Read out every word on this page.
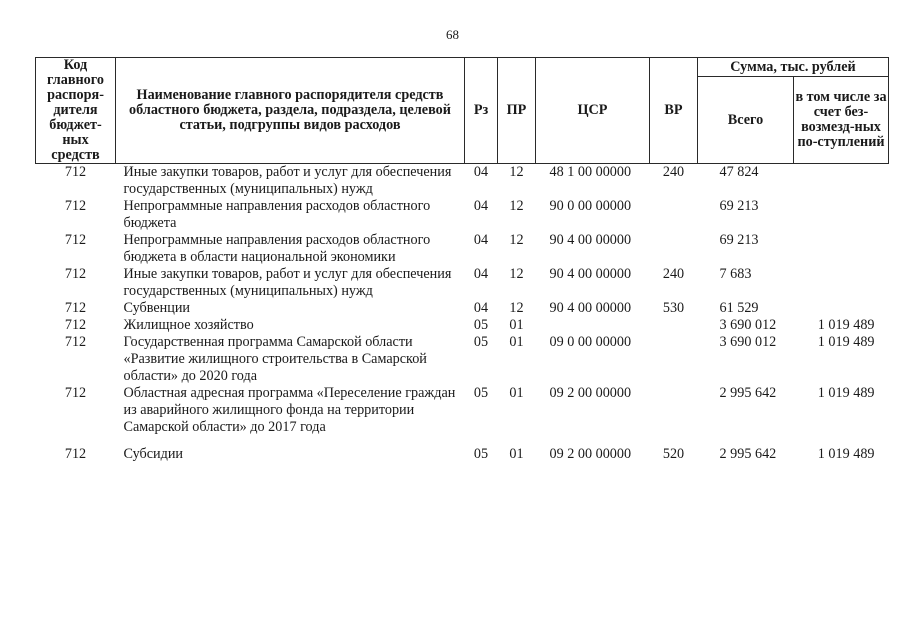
68
Код главного распоря-дителя бюджет-ных средств	Наименование главного распорядителя средств областного бюджета, раздела, подраздела, целевой статьи, подгруппы видов расходов	Рз	ПР	ЦСР	ВР	Сумма, тыс. рублей	
						Всего	в том числе за счет без-возмезд-ных по-ступлений
712	Иные закупки товаров, работ и услуг для обеспечения государственных (муниципальных) нужд	04	12	48 1 00 00000	240	47 824	
712	Непрограммные направления расходов областного бюджета	04	12	90 0 00 00000		69 213	
712	Непрограммные направления расходов областного бюджета в области национальной экономики	04	12	90 4 00 00000		69 213	
712	Иные закупки товаров, работ и услуг для обеспечения государственных (муниципальных) нужд	04	12	90 4 00 00000	240	7 683	
712	Субвенции	04	12	90 4 00 00000	530	61 529	
712	Жилищное хозяйство	05	01			3 690 012	1 019 489
712	Государственная программа Самарской области «Развитие жилищного строительства в Самарской области» до 2020 года	05	01	09 0 00 00000		3 690 012	1 019 489
712	Областная адресная программа «Переселение граждан из аварийного жилищного фонда на территории Самарской области» до 2017 года	05	01	09 2 00 00000		2 995 642	1 019 489

712	Субсидии	05	01	09 2 00 00000	520	2 995 642	1 019 489
